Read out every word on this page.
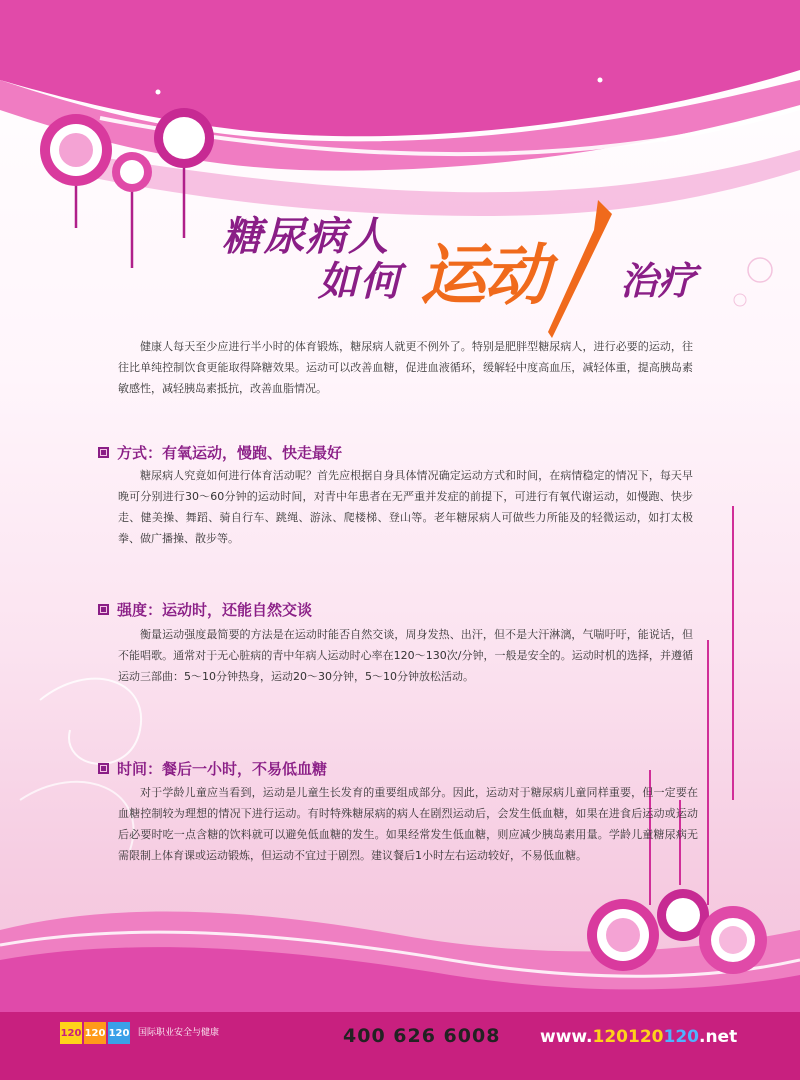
糖尿病人
如何 运动 治疗

健康人每天至少应进行半小时的体育锻炼，糖尿病人就更不例外了。特别是肥胖型糖尿病人，进行必要的运动，往往比单纯控制饮食更能取得降糖效果。运动可以改善血糖，促进血液循环，缓解轻中度高血压，减轻体重，提高胰岛素敏感性，减轻胰岛素抵抗，改善血脂情况。

方式：有氧运动，慢跑、快走最好

糖尿病人究竟如何进行体育活动呢？首先应根据自身具体情况确定运动方式和时间，在病情稳定的情况下，每天早晚可分别进行30～60分钟的运动时间，对青中年患者在无严重并发症的前提下，可进行有氧代谢运动，如慢跑、快步走、健美操、舞蹈、骑自行车、跳绳、游泳、爬楼梯、登山等。老年糖尿病人可做些力所能及的轻微运动，如打太极拳、做广播操、散步等。

强度：运动时，还能自然交谈

衡量运动强度最简要的方法是在运动时能否自然交谈，周身发热、出汗，但不是大汗淋漓，气喘吁吁，能说话，但不能唱歌。通常对于无心脏病的青中年病人运动时心率在120～130次/分钟，一般是安全的。运动时机的选择，并遵循运动三部曲：5～10分钟热身，运动20～30分钟，5～10分钟放松活动。

时间：餐后一小时，不易低血糖

对于学龄儿童应当看到，运动是儿童生长发育的重要组成部分。因此，运动对于糖尿病儿童同样重要，但一定要在血糖控制较为理想的情况下进行运动。有时特殊糖尿病的病人在剧烈运动后，会发生低血糖，如果在进食后运动或运动后必要时吃一点含糖的饮料就可以避免低血糖的发生。如果经常发生低血糖，则应减少胰岛素用量。学龄儿童糖尿病无需限制上体育课或运动锻炼，但运动不宜过于剧烈。建议餐后1小时左右运动较好，不易低血糖。

120 120 120 国际职业安全与健康	400 626 6008 www.120120120.net
